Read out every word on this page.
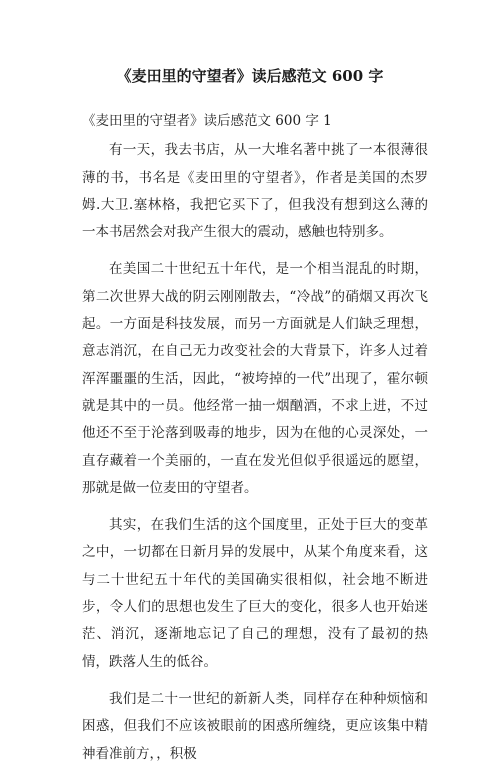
《麦田里的守望者》读后感范文 600 字

《麦田里的守望者》读后感范文 600 字 1

有一天，我去书店，从一大堆名著中挑了一本很薄很薄的书，书名是《麦田里的守望者》，作者是美国的杰罗姆.大卫.塞林格，我把它买下了，但我没有想到这么薄的一本书居然会对我产生很大的震动，感触也特别多。

在美国二十世纪五十年代，是一个相当混乱的时期，第二次世界大战的阴云刚刚散去，“冷战”的硝烟又再次飞起。一方面是科技发展，而另一方面就是人们缺乏理想，意志消沉，在自己无力改变社会的大背景下，许多人过着浑浑噩噩的生活，因此，“被垮掉的一代”出现了，霍尔顿就是其中的一员。他经常一抽一烟酗酒，不求上进，不过他还不至于沦落到吸毒的地步，因为在他的心灵深处，一直存藏着一个美丽的，一直在发光但似乎很遥远的愿望，那就是做一位麦田的守望者。

其实，在我们生活的这个国度里，正处于巨大的变革之中，一切都在日新月异的发展中，从某个角度来看，这与二十世纪五十年代的美国确实很相似，社会地不断进步，令人们的思想也发生了巨大的变化，很多人也开始迷茫、消沉，逐渐地忘记了自己的理想，没有了最初的热情，跌落人生的低谷。

我们是二十一世纪的新新人类，同样存在种种烦恼和困惑，但我们不应该被眼前的困惑所缠绕，更应该集中精神看准前方，，积极
